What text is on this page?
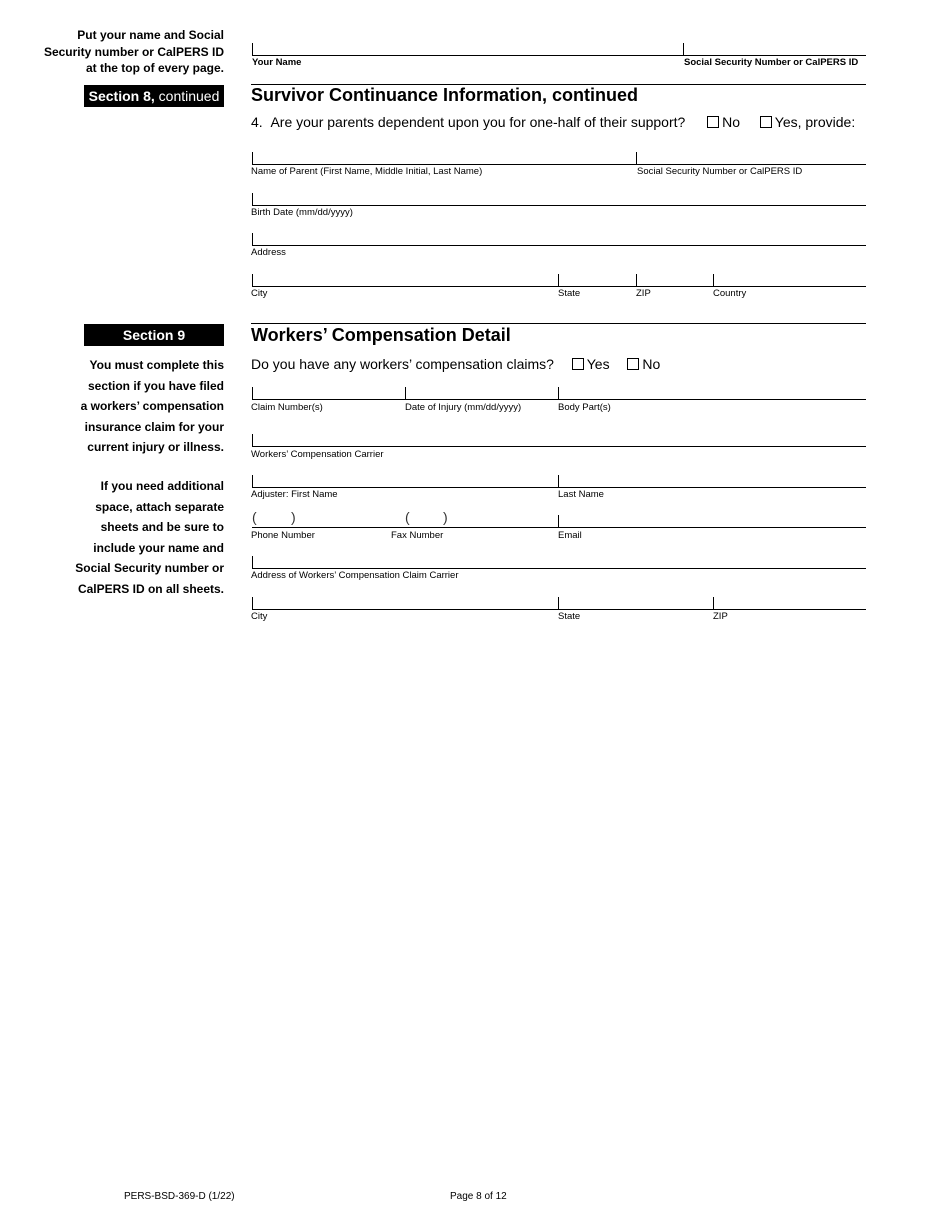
Put your name and Social
Security number or CalPERS ID
at the top of every page.	Your Name	Social Security Number or CalPERS ID
Section 8, continued Survivor Continuance Information, continued
4. Are your parents dependent upon you for one-half of their support?	No Yes, provide:
Name of Parent (First Name, Middle Initial, Last Name)	Social Security Number or CalPERS ID
Birth Date (mm/dd/yyyy)
Address
City	State	ZIP	Country
Section 9	Workers’ Compensation Detail
You must complete this
section if you have filed
a workers’ compensation
insurance claim for your
current injury or illness.
If you need additional
space, attach separate
sheets and be sure to
include your name and
Social Security number or
CalPERS ID on all sheets.
Do you have any workers’ compensation claims? Yes No
Claim Number(s)	Date of Injury (mm/dd/yyyy)	Body Part(s)
Workers’ Compensation Carrier
Adjuster: First Name	Last Name
( )	( )
Phone Number	Fax Number	Email
Address of Workers’ Compensation Claim Carrier
City	State	ZIP
PERS-BSD-369-D (1/22)	Page 8 of 12
